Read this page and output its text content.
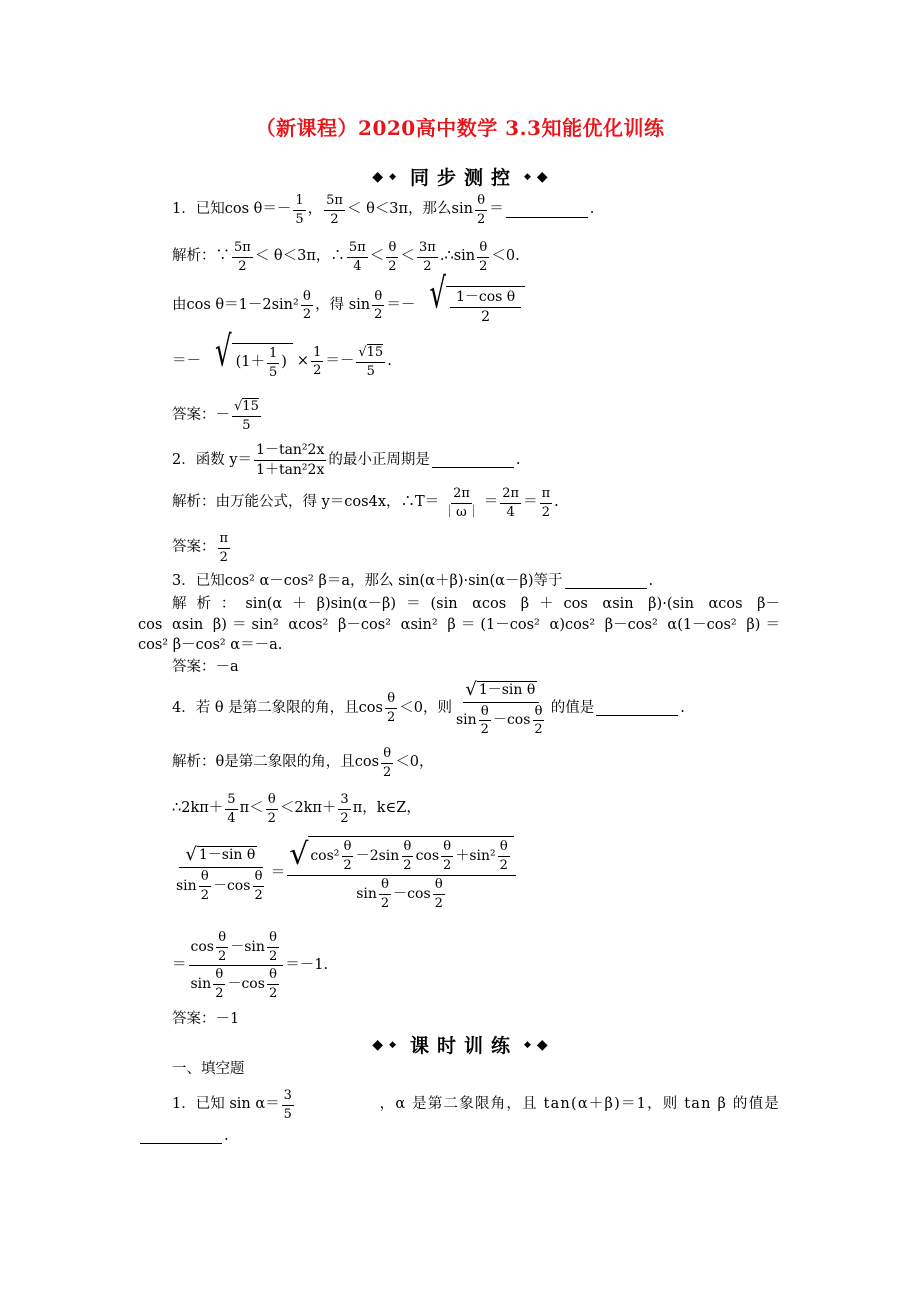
（新课程）2020高中数学 3.3知能优化训练
◆ ◆ 同步测控 ◆ ◆
1．已知$\cos \theta=- \frac{1}{5}$ ， $\frac{5\pi}{2} < \theta<3\pi$，那么$\sin \frac{\theta}{2}$ ＝	.
解析：∵ $\frac{5\pi}{2} < \theta<3\pi$，∴ $\frac{5\pi}{4} < \frac{\theta}{2} < \frac{3\pi}{2}$ .∴sin $\frac{\theta}{2} <0$.
由$\cos \theta=1-2\sin^2 \frac{\theta}{2}$ ，得 $\sin \frac{\theta}{2}$ ＝－ √ $\frac{\text{1－cos θ}}{2}$
＝－ √ ($1+ \frac{1}{5}$ ) × $\frac{1}{2} =- \frac{√ 15}{5}$ .
答案：－ $\frac{√ 15}{5}$
2．函数 $y= \frac{\text{1－tan²2x}}{\text{1＋tan²2x}}$ 的最小正周期是	.
解析：由万能公式，得 y＝cos4x，∴T＝ $\frac{2\pi}{|\omega|} = \frac{2\pi}{4} = \frac{\pi}{2}$ .
答案： $\frac{\pi}{2}$
3．已知cos² α－cos² β＝a，那么 sin(α＋β)·sin(α－β)等于	.
解析：sin(α＋β)sin(α－β)＝(sin αcos β＋cos αsin β)·(sin αcos β－
cos αsin β)＝sin² αcos² β－cos² αsin² β＝(1－cos² α)cos² β－cos² α(1－cos² β)＝
cos² β－cos² α＝－a.
答案：－a
4．若 θ 是第二象限的角，且$\cos \frac{\theta}{2} <0$，则 $\frac{\text{√ 1－sin θ}}{\sin \frac{\theta}{2} -\cos \frac{\theta}{2}}$ 的值是	.
解析：θ是第二象限的角，且$\cos \frac{\theta}{2} <0$，
∴2kπ＋ $\frac{5}{4} \pi< \frac{\theta}{2} <2k\pi+ \frac{3}{2}$ π，k∈Z，
$\frac{\text{√ 1－sin θ}}{\sin \frac{\theta}{2} -\cos \frac{\theta}{2}}$ ＝
√ $\cos^2 \frac{\theta}{2} -2\sin \frac{\theta}{2}$ $\cos \frac{\theta}{2} +\sin^2 \frac{\theta}{2}$
$\sin \frac{\theta}{2} -\cos \frac{\theta}{2}$
＝ $\frac{\cos \frac{\theta}{2} -\sin \frac{\theta}{2}}{\sin \frac{\theta}{2} -\cos \frac{\theta}{2}} =-1$.
答案：－1
◆ ◆ 课时训练 ◆ ◆
一、填空题
1．已知 $\sin \alpha= \frac{3}{5}$	，α 是第二象限角，且 tan(α＋β)＝1，则 tan β 的值是
.
